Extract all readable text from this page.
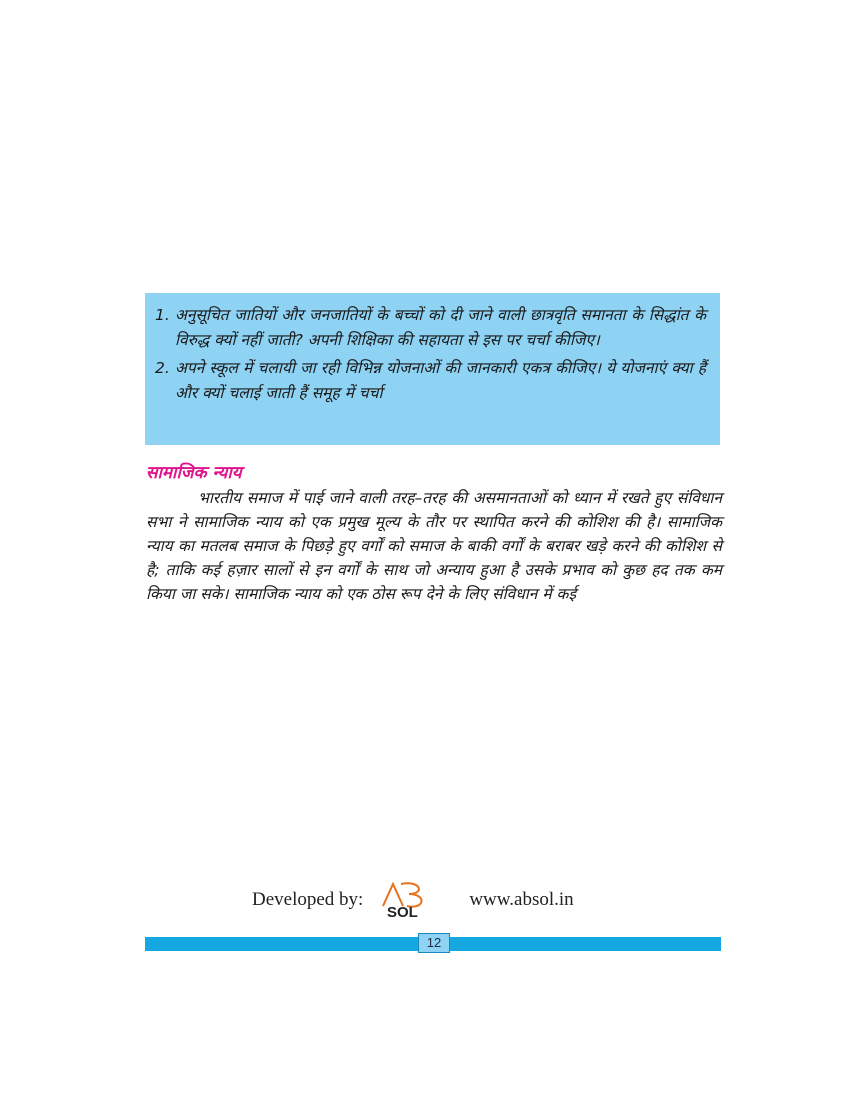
1. अनुसूचित जातियों और जनजातियों के बच्चों को दी जाने वाली छात्रवृति समानता के सिद्धांत के विरुद्ध क्यों नहीं जाती? अपनी शिक्षिका की सहायता से इस पर चर्चा कीजिए।
2. अपने स्कूल में चलायी जा रही विभिन्न योजनाओं की जानकारी एकत्र कीजिए। ये योजनाएं क्या हैं और क्यों चलाई जाती हैं समूह में चर्चा
सामाजिक न्याय
भारतीय समाज में पाई जाने वाली तरह–तरह की असमानताओं को ध्यान में रखते हुए संविधान सभा ने सामाजिक न्याय को एक प्रमुख मूल्य के तौर पर स्थापित करने की कोशिश की है। सामाजिक न्याय का मतलब समाज के पिछड़े हुए वर्गों को समाज के बाकी वर्गों के बराबर खड़े करने की कोशिश से है; ताकि कई हज़ार सालों से इन वर्गों के साथ जो अन्याय हुआ है उसके प्रभाव को कुछ हद तक कम किया जा सके। सामाजिक न्याय को एक ठोस रूप देने के लिए संविधान में कई
Developed by:
SOL
www.absol.in
12
